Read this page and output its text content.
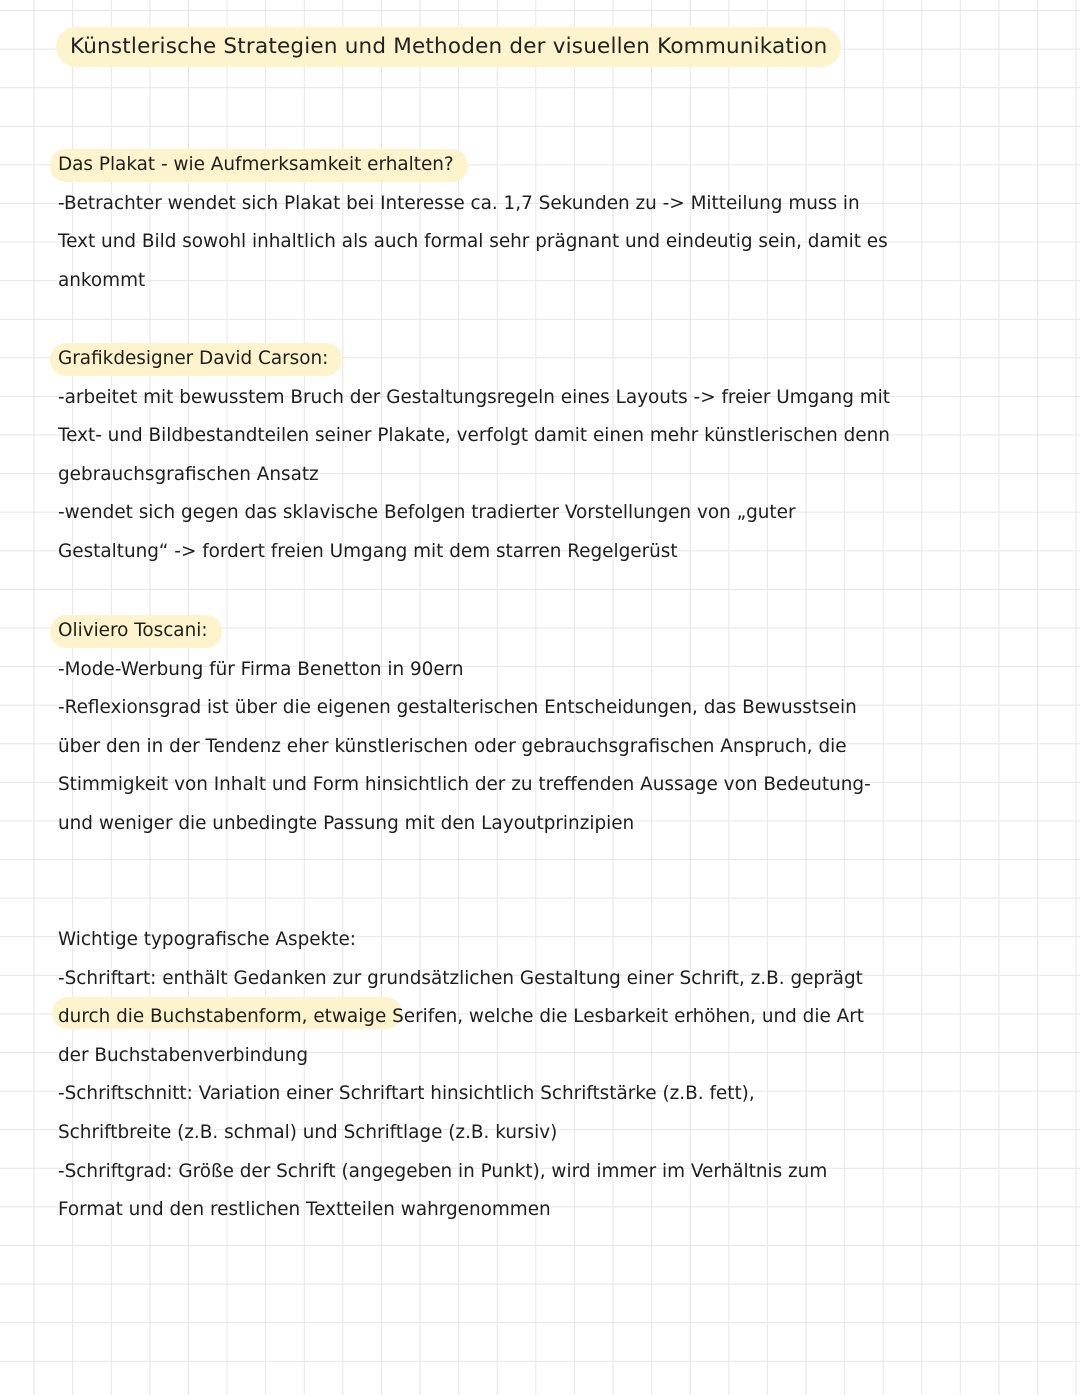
Künstlerische Strategien und Methoden der visuellen Kommunikation
Das Plakat - wie Aufmerksamkeit erhalten?
-Betrachter wendet sich Plakat bei Interesse ca. 1,7 Sekunden zu -> Mitteilung muss in
Text und Bild sowohl inhaltlich als auch formal sehr prägnant und eindeutig sein, damit es
ankommt
Grafikdesigner David Carson:
-arbeitet mit bewusstem Bruch der Gestaltungsregeln eines Layouts -> freier Umgang mit
Text- und Bildbestandteilen seiner Plakate, verfolgt damit einen mehr künstlerischen denn
gebrauchsgrafischen Ansatz
-wendet sich gegen das sklavische Befolgen tradierter Vorstellungen von „guter
Gestaltung“ -> fordert freien Umgang mit dem starren Regelgerüst
Oliviero Toscani:
-Mode-Werbung für Firma Benetton in 90ern
-Reflexionsgrad ist über die eigenen gestalterischen Entscheidungen, das Bewusstsein
über den in der Tendenz eher künstlerischen oder gebrauchsgrafischen Anspruch, die
Stimmigkeit von Inhalt und Form hinsichtlich der zu treffenden Aussage von Bedeutung-
und weniger die unbedingte Passung mit den Layoutprinzipien
Wichtige typografische Aspekte:
-Schriftart: enthält Gedanken zur grundsätzlichen Gestaltung einer Schrift, z.B. geprägt
durch die Buchstabenform, etwaige Serifen, welche die Lesbarkeit erhöhen, und die Art
der Buchstabenverbindung
-Schriftschnitt: Variation einer Schriftart hinsichtlich Schriftstärke (z.B. fett),
Schriftbreite (z.B. schmal) und Schriftlage (z.B. kursiv)
-Schriftgrad: Größe der Schrift (angegeben in Punkt), wird immer im Verhältnis zum
Format und den restlichen Textteilen wahrgenommen
